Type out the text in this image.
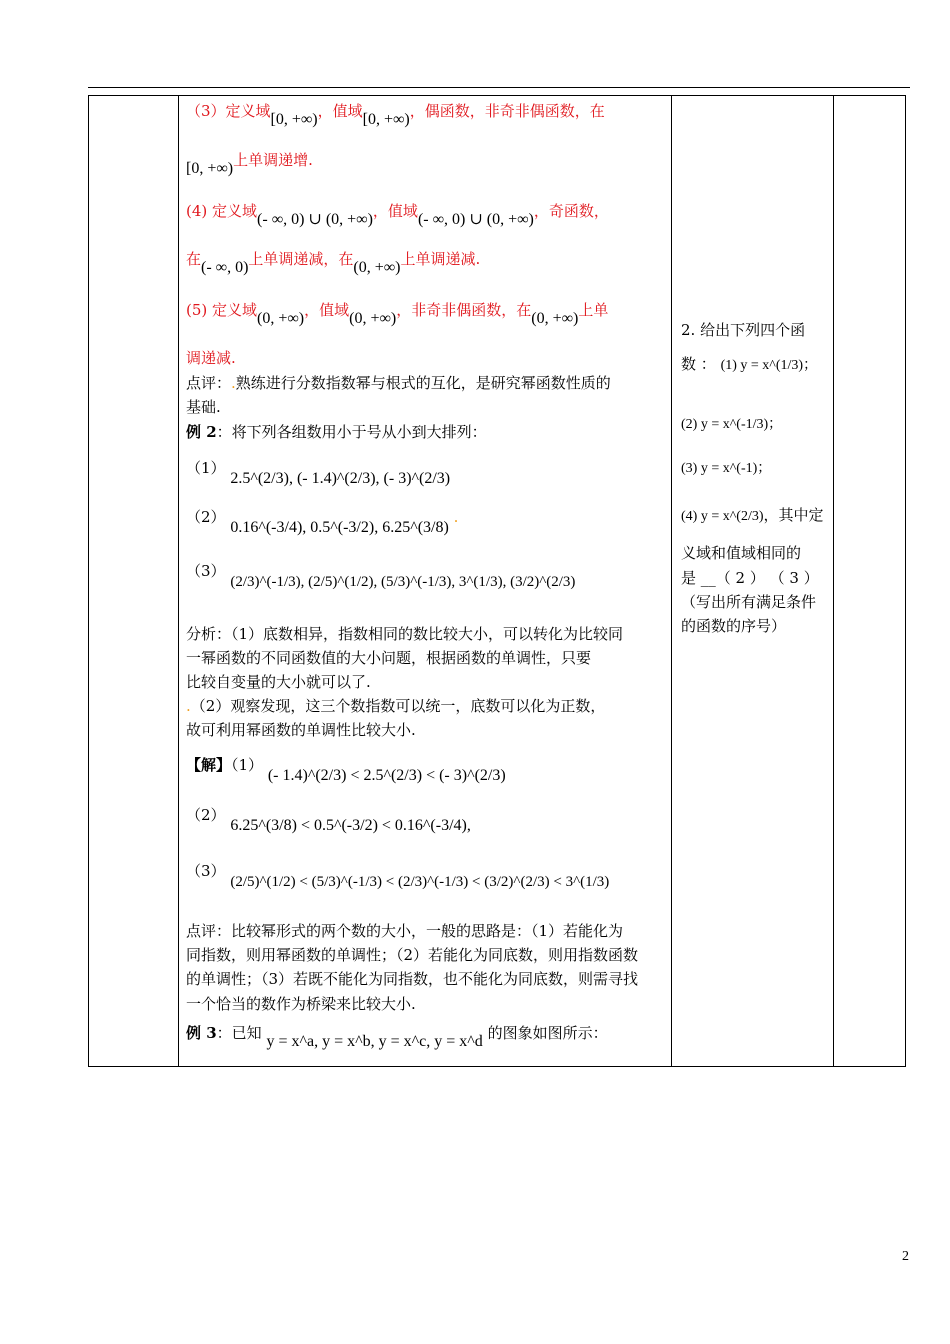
（3）定义域[0, +∞)，值域[0, +∞)，偶函数，非奇非偶函数，在
[0, +∞)上单调递增.
(4) 定义域(- ∞, 0) ∪ (0, +∞)，值域(- ∞, 0) ∪ (0, +∞)，奇函数，
在(- ∞, 0)上单调递减，在(0, +∞)上单调递减.
(5) 定义域(0, +∞)，值域(0, +∞)，非奇非偶函数，在(0, +∞)上单
调递减.
点评：.熟练进行分数指数幂与根式的互化，是研究幂函数性质的
基础.
例 2：将下列各组数用小于号从小到大排列：
（1） 2.5^(2/3), (- 1.4)^(2/3), (- 3)^(2/3)
（2） 0.16^(-3/4), 0.5^(-3/2), 6.25^(3/8) .
（3） (2/3)^(-1/3), (2/5)^(1/2), (5/3)^(-1/3), 3^(1/3), (3/2)^(2/3)
分析：（1）底数相异，指数相同的数比较大小，可以转化为比较同
一幂函数的不同函数值的大小问题，根据函数的单调性，只要
比较自变量的大小就可以了.
.（2）观察发现，这三个数指数可以统一，底数可以化为正数，
故可利用幂函数的单调性比较大小.
【解】（1） (- 1.4)^(2/3) < 2.5^(2/3) < (- 3)^(2/3)
（2） 6.25^(3/8) < 0.5^(-3/2) < 0.16^(-3/4),
（3） (2/5)^(1/2) < (5/3)^(-1/3) < (2/3)^(-1/3) < (3/2)^(2/3) < 3^(1/3)
点评：比较幂形式的两个数的大小，一般的思路是：（1）若能化为
同指数，则用幂函数的单调性；（2）若能化为同底数，则用指数函数
的单调性；（3）若既不能化为同指数，也不能化为同底数，则需寻找
一个恰当的数作为桥梁来比较大小.
例 3：已知 y = x^a, y = x^b, y = x^c, y = x^d 的图象如图所示：
2. 给出下列四个函
数 ： (1) y = x^(1/3)；
(2) y = x^(-1/3)；
(3) y = x^(-1)；
(4) y = x^(2/3)，其中定
义域和值域相同的
是 __（ 2 ） （ 3 ）
（写出所有满足条件
的函数的序号）
2
